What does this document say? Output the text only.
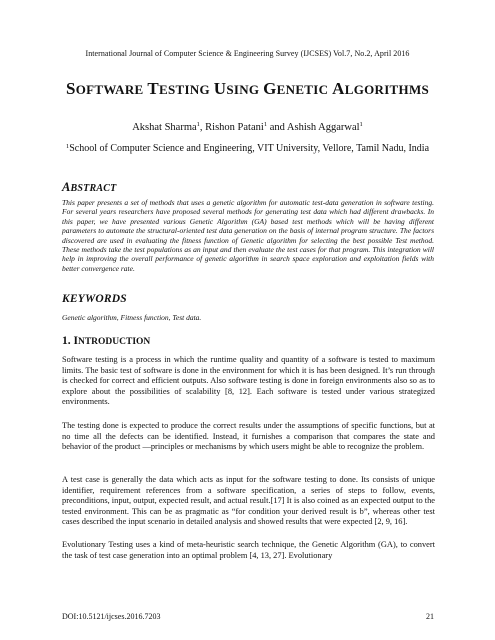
International Journal of Computer Science & Engineering Survey (IJCSES) Vol.7, No.2, April 2016
SOFTWARE TESTING USING GENETIC ALGORITHMS
Akshat Sharma$^1$, Rishon Patani$^1$ and Ashish Aggarwal$^1$
$^1$School of Computer Science and Engineering, VIT University, Vellore, Tamil Nadu, India
ABSTRACT
This paper presents a set of methods that uses a genetic algorithm for automatic test-data generation in software testing. For several years researchers have proposed several methods for generating test data which had different drawbacks. In this paper, we have presented various Genetic Algorithm (GA) based test methods which will be having different parameters to automate the structural-oriented test data generation on the basis of internal program structure. The factors discovered are used in evaluating the fitness function of Genetic algorithm for selecting the best possible Test method. These methods take the test populations as an input and then evaluate the test cases for that program. This integration will help in improving the overall performance of genetic algorithm in search space exploration and exploitation fields with better convergence rate.
KEYWORDS
Genetic algorithm, Fitness function, Test data.
1. INTRODUCTION
Software testing is a process in which the runtime quality and quantity of a software is tested to maximum limits. The basic test of software is done in the environment for which it is has been designed. It’s run through is checked for correct and efficient outputs. Also software testing is done in foreign environments also so as to explore about the possibilities of scalability [8, 12]. Each software is tested under various strategized environments.
The testing done is expected to produce the correct results under the assumptions of specific functions, but at no time all the defects can be identified. Instead, it furnishes a comparison that compares the state and behavior of the product —principles or mechanisms by which users might be able to recognize the problem.
A test case is generally the data which acts as input for the software testing to done. Its consists of unique identifier, requirement references from a software specification, a series of steps to follow, events, preconditions, input, output, expected result, and actual result.[17] It is also coined as an expected output to the tested environment. This can be as pragmatic as “for condition your derived result is b”, whereas other test cases described the input scenario in detailed analysis and showed results that were expected [2, 9, 16].
Evolutionary Testing uses a kind of meta-heuristic search technique, the Genetic Algorithm (GA), to convert the task of test case generation into an optimal problem [4, 13, 27]. Evolutionary
DOI:10.5121/ijcses.2016.7203	21
